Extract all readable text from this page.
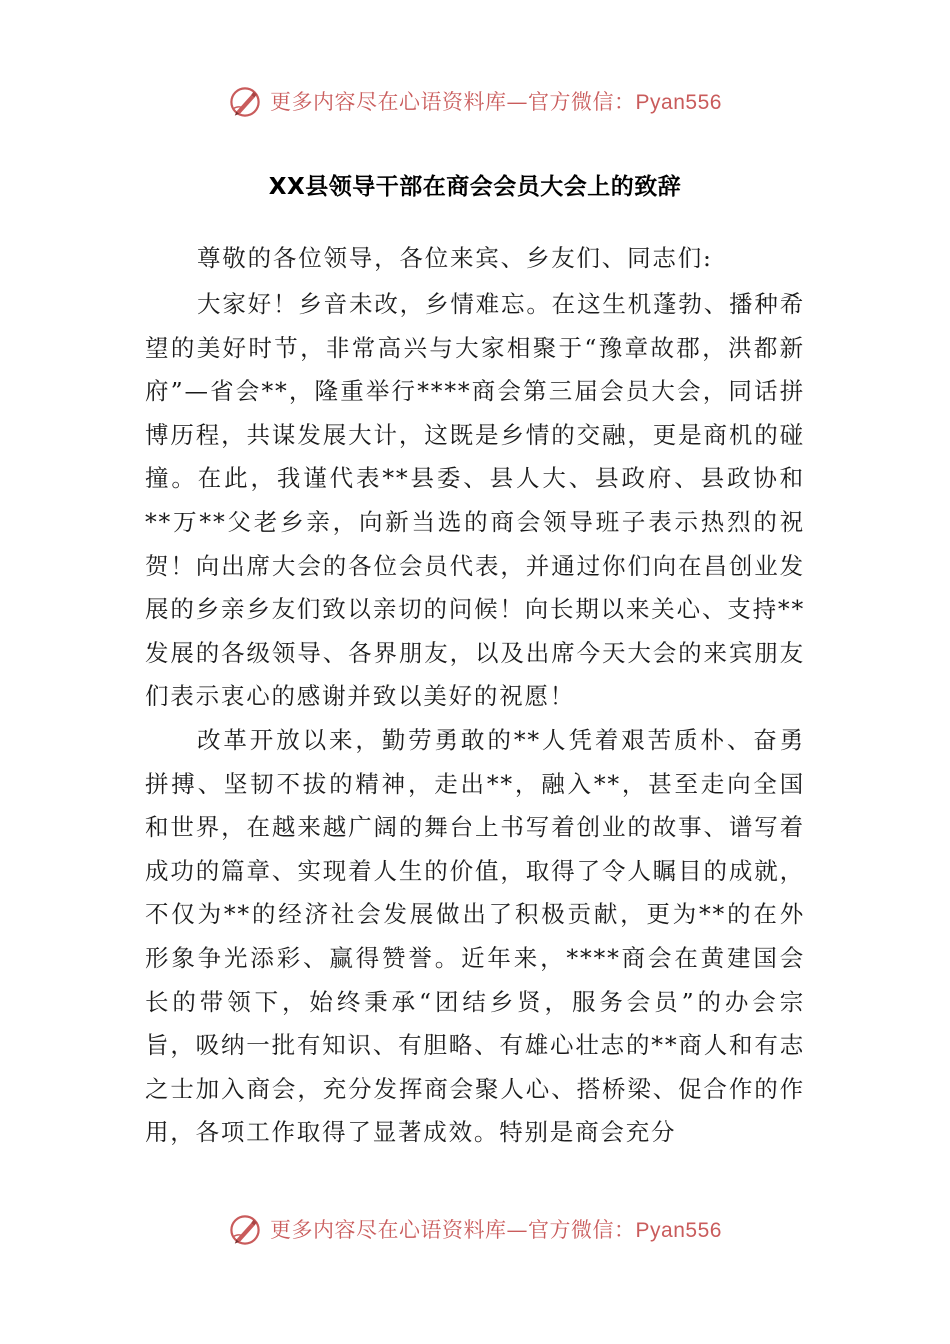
更多内容尽在心语资料库—官方微信：Pyan556
XX县领导干部在商会会员大会上的致辞

尊敬的各位领导，各位来宾、乡友们、同志们:

大家好！乡音未改，乡情难忘。在这生机蓬勃、播种希望的美好时节，非常高兴与大家相聚于“豫章故郡，洪都新府”—省会**，隆重举行****商会第三届会员大会，同话拼博历程，共谋发展大计，这既是乡情的交融，更是商机的碰撞。在此，我谨代表**县委、县人大、县政府、县政协和**万**父老乡亲，向新当选的商会领导班子表示热烈的祝贺！向出席大会的各位会员代表，并通过你们向在昌创业发展的乡亲乡友们致以亲切的问候！向长期以来关心、支持**发展的各级领导、各界朋友，以及出席今天大会的来宾朋友们表示衷心的感谢并致以美好的祝愿！

改革开放以来，勤劳勇敢的**人凭着艰苦质朴、奋勇拼搏、坚韧不拔的精神，走出**，融入**，甚至走向全国和世界，在越来越广阔的舞台上书写着创业的故事、谱写着成功的篇章、实现着人生的价值，取得了令人瞩目的成就，不仅为**的经济社会发展做出了积极贡献，更为**的在外形象争光添彩、赢得赞誉。近年来，****商会在黄建国会长的带领下，始终秉承“团结乡贤，服务会员”的办会宗旨，吸纳一批有知识、有胆略、有雄心壮志的**商人和有志之士加入商会，充分发挥商会聚人心、搭桥梁、促合作的作用，各项工作取得了显著成效。特别是商会充分

更多内容尽在心语资料库—官方微信：Pyan556
